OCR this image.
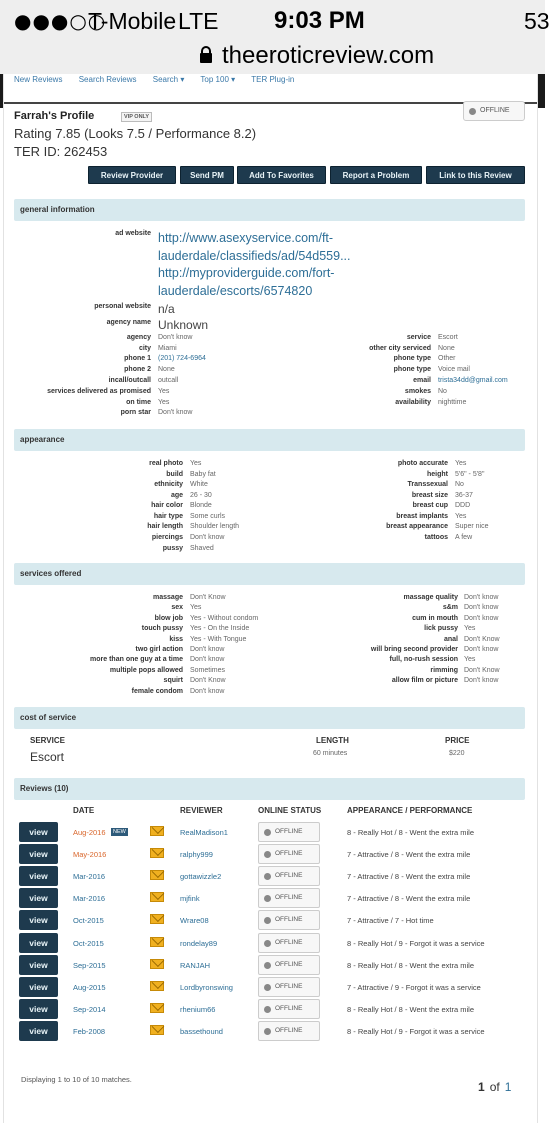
●●●○○
T-Mobile LTE 9:03 PM	53
theeroticreview.com
New Reviews Search Reviews Search ▾ Top 100 ▾ TER Plug-in
Farrah's Profile	VIP ONLY
Rating 7.85 (Looks 7.5 / Performance 8.2)
TER ID: 262453
OFFLINE
Review Provider	Send PM	Add To Favorites	Report a Problem	Link to this Review
general information
ad website http://www.asexyservice.com/ft-
lauderdale/classifieds/ad/54d559...
http://myproviderguide.com/fort-
lauderdale/escorts/6574820
personal website n/a
agency name Unknown
agency Don't know
city Miami
phone 1 (201) 724-6964
phone 2 None
incall/outcall outcall
services delivered as promised Yes
on time Yes
porn star Don't know
service Escort
other city serviced None
phone type Other
phone type Voice mail
email trista34dd@gmail.com
smokes No
availability nighttime
appearance
real photo Yes
build Baby fat
ethnicity White
age 26 - 30
hair color Blonde
hair type Some curls
hair length Shoulder length
piercings Don't know
pussy Shaved
photo accurate Yes
height 5'6" - 5'8"
Transsexual No
breast size 36-37
breast cup DDD
breast implants Yes
breast appearance Super nice
tattoos A few
services offered
massage Don't Know
sex Yes
blow job Yes - Without condom
touch pussy Yes - On the Inside
kiss Yes - With Tongue
two girl action Don't know
more than one guy at a time Don't know
multiple pops allowed Sometimes
squirt Don't Know
female condom Don't know
massage quality Don't know
s&m Don't know
cum in mouth Don't know
lick pussy Yes
anal Don't Know
will bring second provider Don't know
full, no-rush session Yes
rimming Don't Know
allow film or picture Don't know
cost of service
SERVICE	LENGTH	PRICE
Escort	60 minutes	$220
Reviews (10)
DATE	REVIEWER	ONLINE STATUS	APPEARANCE / PERFORMANCE
view	Aug-2016	NEW	RealMadison1	OFFLINE	8 - Really Hot / 8 - Went the extra mile
view	May-2016	ralphy999	OFFLINE	7 - Attractive / 8 - Went the extra mile
view	Mar-2016	gottawizzle2	OFFLINE	7 - Attractive / 8 - Went the extra mile
view	Mar-2016	mjfink	OFFLINE	7 - Attractive / 8 - Went the extra mile
view	Oct-2015	Wrare08	OFFLINE	7 - Attractive / 7 - Hot time
view	Oct-2015	rondelay89	OFFLINE	8 - Really Hot / 9 - Forgot it was a service
view	Sep-2015	RANJAH	OFFLINE	8 - Really Hot / 8 - Went the extra mile
view	Aug-2015	Lordbyronswing	OFFLINE	7 - Attractive / 9 - Forgot it was a service
view	Sep-2014	rhenium66	OFFLINE	8 - Really Hot / 8 - Went the extra mile
view	Feb-2008	bassethound	OFFLINE	8 - Really Hot / 9 - Forgot it was a service
Displaying 1 to 10 of 10 matches.
1 of 1
